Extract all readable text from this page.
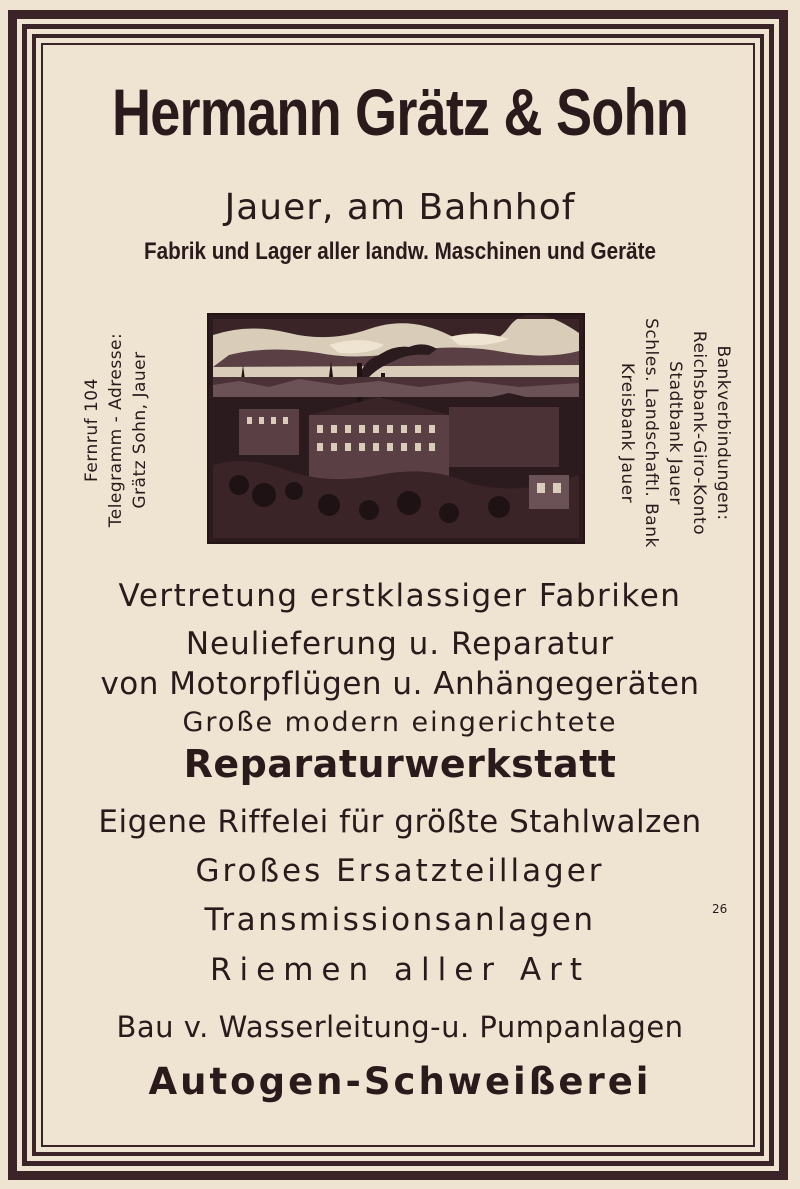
Hermann Grätz & Sohn
Jauer, am Bahnhof
Fabrik und Lager aller landw. Maschinen und Geräte
Fernruf 104 Telegramm - Adresse: Grätz Sohn, Jauer	Bankverbindungen:
Reichsbank-Giro-Konto
Stadtbank Jauer
Schles. Landschaftl. Bank
Kreisbank Jauer
Vertretung erstklassiger Fabriken
Neulieferung u. Reparatur
von Motorpflügen u. Anhängegeräten
Große modern eingerichtete
Reparaturwerkstatt
Eigene Riffelei für größte Stahlwalzen
Großes Ersatzteillager
Transmissionsanlagen
Riemen aller Art
Bau v. Wasserleitung-u. Pumpanlagen
Autogen-Schweißerei
26
